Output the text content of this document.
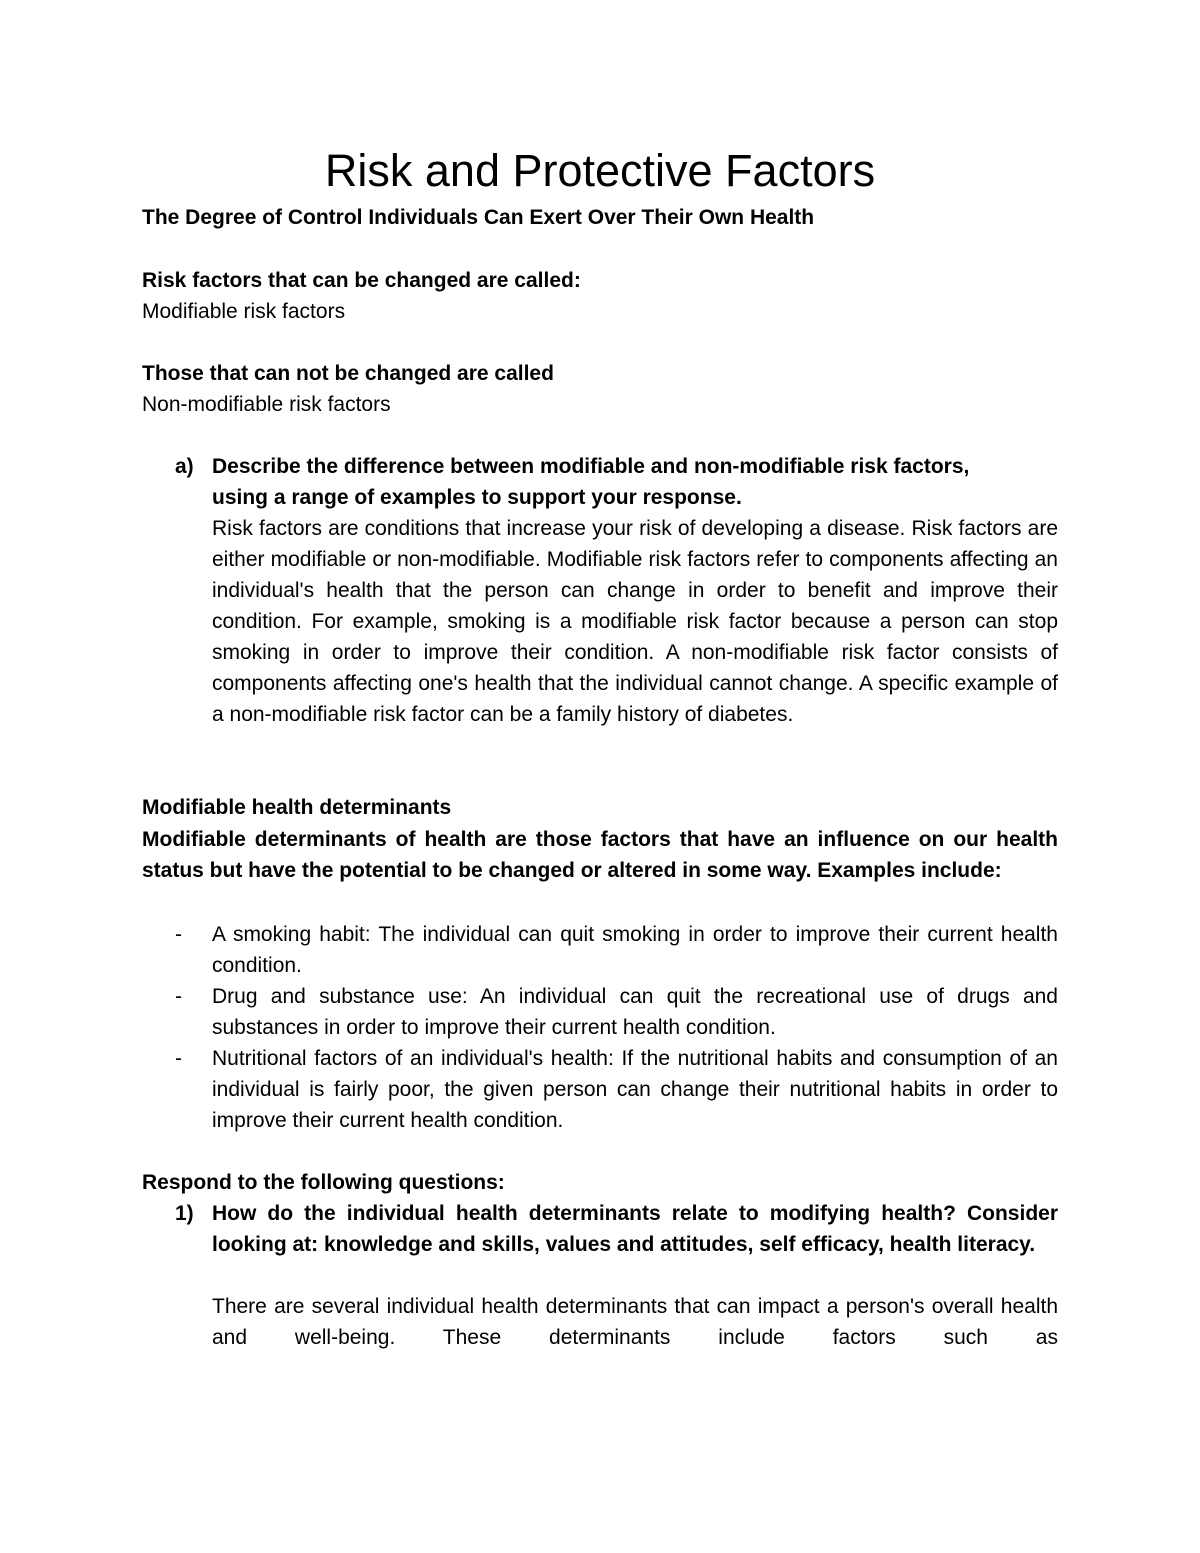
Risk and Protective Factors

The Degree of Control Individuals Can Exert Over Their Own Health

Risk factors that can be changed are called:

Modifiable risk factors

Those that can not be changed are called

Non-modifiable risk factors

a) Describe the difference between modifiable and non-modifiable risk factors, using a range of examples to support your response.

Risk factors are conditions that increase your risk of developing a disease. Risk factors are either modifiable or non-modifiable. Modifiable risk factors refer to components affecting an individual's health that the person can change in order to benefit and improve their condition. For example, smoking is a modifiable risk factor because a person can stop smoking in order to improve their condition. A non-modifiable risk factor consists of components affecting one's health that the individual cannot change. A specific example of a non-modifiable risk factor can be a family history of diabetes.

Modifiable health determinants

Modifiable determinants of health are those factors that have an influence on our health status but have the potential to be changed or altered in some way. Examples include:

- A smoking habit: The individual can quit smoking in order to improve their current health condition.

- Drug and substance use: An individual can quit the recreational use of drugs and substances in order to improve their current health condition.

- Nutritional factors of an individual's health: If the nutritional habits and consumption of an individual is fairly poor, the given person can change their nutritional habits in order to improve their current health condition.

Respond to the following questions:

1) How do the individual health determinants relate to modifying health? Consider looking at: knowledge and skills, values and attitudes, self efficacy, health literacy.

There are several individual health determinants that can impact a person's overall health and well-being. These determinants include factors such as
